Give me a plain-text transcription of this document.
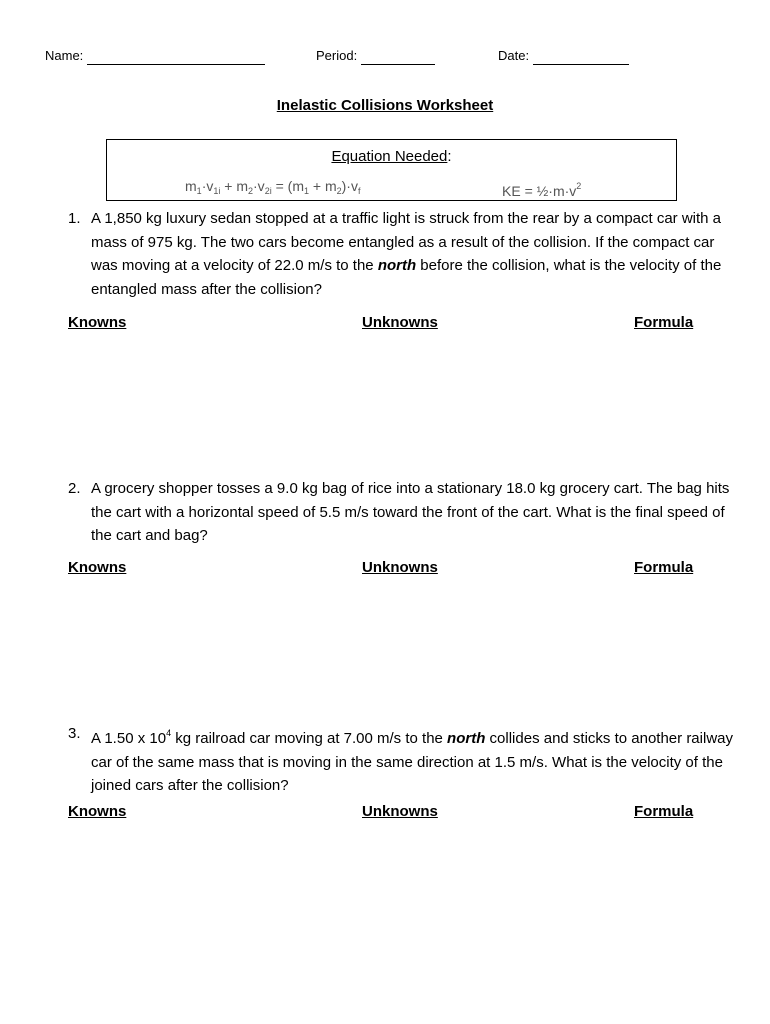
Name:	Period:	Date:
Inelastic Collisions Worksheet
Equation Needed:
$m_1\cdot v_{1i} + m_2\cdot v_{2i} = (m_1 + m_2)\cdot v_f$	KE = $\frac{1}{2}\cdot m\cdot v^2$
1. A 1,850 kg luxury sedan stopped at a traffic light is struck from the rear by a compact car with a mass of 975 kg. The two cars become entangled as a result of the collision. If the compact car was moving at a velocity of 22.0 m/s to the north before the collision, what is the velocity of the entangled mass after the collision?
Knowns	Unknowns	Formula
2. A grocery shopper tosses a 9.0 kg bag of rice into a stationary 18.0 kg grocery cart. The bag hits the cart with a horizontal speed of 5.5 m/s toward the front of the cart. What is the final speed of the cart and bag?
Knowns	Unknowns	Formula
3. A 1.50 x $10^4$ kg railroad car moving at 7.00 m/s to the north collides and sticks to another railway car of the same mass that is moving in the same direction at 1.5 m/s. What is the velocity of the joined cars after the collision?
Knowns	Unknowns	Formula
